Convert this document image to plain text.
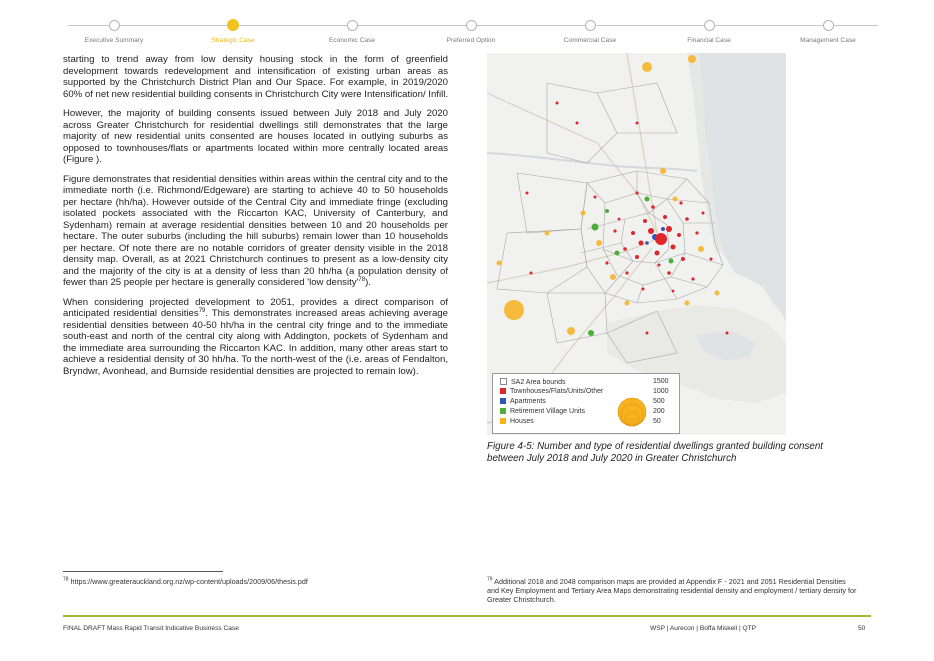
Executive Summary	Strategic Case	Economic Case	Preferred Option	Commercial Case	Financial Case	Management Case

starting to trend away from low density housing stock in the form of greenfield development towards redevelopment and intensification of existing urban areas as supported by the Christchurch District Plan and Our Space. For example, in 2019/2020 60% of net new residential building consents in Christchurch City were Intensification/ Infill.

However, the majority of building consents issued between July 2018 and July 2020 across Greater Christchurch for residential dwellings still demonstrates that the large majority of new residential units consented are houses located in outlying suburbs as opposed to townhouses/flats or apartments located within more centrally located areas (Figure ).

Figure demonstrates that residential densities within areas within the central city and to the immediate north (i.e. Richmond/Edgeware) are starting to achieve 40 to 50 households per hectare (hh/ha). However outside of the Central City and immediate fringe (excluding isolated pockets associated with the Riccarton KAC, University of Canterbury, and Sydenham) remain at average residential densities between 10 and 20 households per hectare. The outer suburbs (including the hill suburbs) remain lower than 10 households per hectare. Of note there are no notable corridors of greater density visible in the 2018 density map. Overall, as at 2021 Christchurch continues to present as a low-density city and the majority of the city is at a density of less than 20 hh/ha (a population density of fewer than 25 people per hectare is generally considered 'low $density'^{78}$).

When considering projected development to 2051, provides a direct comparison of anticipated residential densities$^{79}$. This demonstrates increased areas achieving average residential densities between 40-50 hh/ha in the central city fringe and to the immediate south-east and north of the central city along with Addington, pockets of Sydenham and the immediate area surrounding the Riccarton KAC. In addition, many other areas start to achieve a residential density of 30 hh/ha. To the north-west of the (i.e. areas of Fendalton, Bryndwr, Avonhead, and Burnside residential densities are projected to remain low).

SA2 Area bounds
Townhouses/Flats/Units/Other
Apartments
Retirement Village Units
Houses
1500
1000
500
200
50
Figure 4-5: Number and type of residential dwellings granted building consent between July 2018 and July 2020 in Greater Christchurch
$^{78}$ https://www.greaterauckland.org.nz/wp-content/uploads/2009/06/thesis.pdf	$^{79}$ Additional 2018 and 2048 comparison maps are provided at Appendix F - 2021 and 2051 Residential Densities and Key Employment and Tertiary Area Maps demonstrating residential density and employment / tertiary density for Greater Christchurch.
FINAL DRAFT Mass Rapid Transit Indicative Business Case	WSP | Aurecon | Boffa Miskell | QTP	50
